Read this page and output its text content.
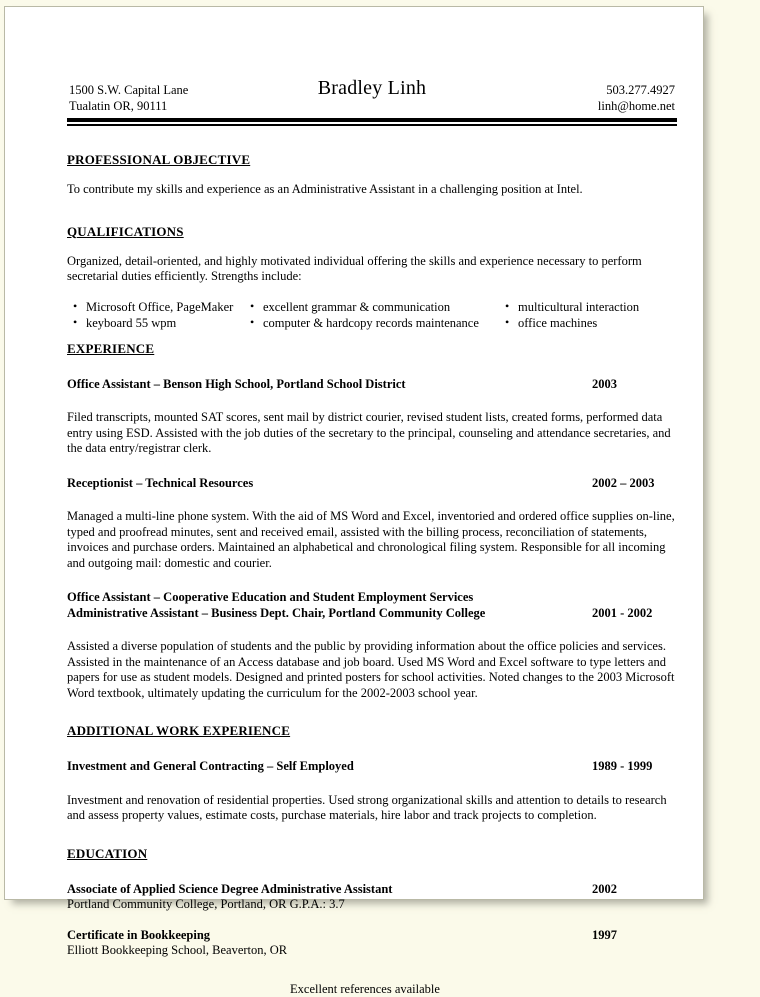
1500 S.W. Capital Lane
Tualatin OR, 90111
Bradley Linh	503.277.4927
linh@home.net
PROFESSIONAL OBJECTIVE
To contribute my skills and experience as an Administrative Assistant in a challenging position at Intel.
QUALIFICATIONS
Organized, detail-oriented, and highly motivated individual offering the skills and experience necessary to perform secretarial duties efficiently. Strengths include:
• Microsoft Office, PageMaker
• keyboard 55 wpm
• excellent grammar & communication
• computer & hardcopy records maintenance
• multicultural interaction
• office machines
EXPERIENCE
Office Assistant – Benson High School, Portland School District	2003
Filed transcripts, mounted SAT scores, sent mail by district courier, revised student lists, created forms, performed data entry using ESD. Assisted with the job duties of the secretary to the principal, counseling and attendance secretaries, and the data entry/registrar clerk.
Receptionist – Technical Resources	2002 – 2003
Managed a multi-line phone system. With the aid of MS Word and Excel, inventoried and ordered office supplies on-line, typed and proofread minutes, sent and received email, assisted with the billing process, reconciliation of statements, invoices and purchase orders. Maintained an alphabetical and chronological filing system. Responsible for all incoming and outgoing mail: domestic and courier.
Office Assistant – Cooperative Education and Student Employment Services
Administrative Assistant – Business Dept. Chair, Portland Community College	2001 - 2002
Assisted a diverse population of students and the public by providing information about the office policies and services. Assisted in the maintenance of an Access database and job board. Used MS Word and Excel software to type letters and papers for use as student models. Designed and printed posters for school activities. Noted changes to the 2003 Microsoft Word textbook, ultimately updating the curriculum for the 2002-2003 school year.
ADDITIONAL WORK EXPERIENCE
Investment and General Contracting – Self Employed	1989 - 1999
Investment and renovation of residential properties. Used strong organizational skills and attention to details to research and assess property values, estimate costs, purchase materials, hire labor and track projects to completion.
EDUCATION
Associate of Applied Science Degree Administrative Assistant	2002
Portland Community College, Portland, OR G.P.A.: 3.7
Certificate in Bookkeeping	1997
Elliott Bookkeeping School, Beaverton, OR
Excellent references available
